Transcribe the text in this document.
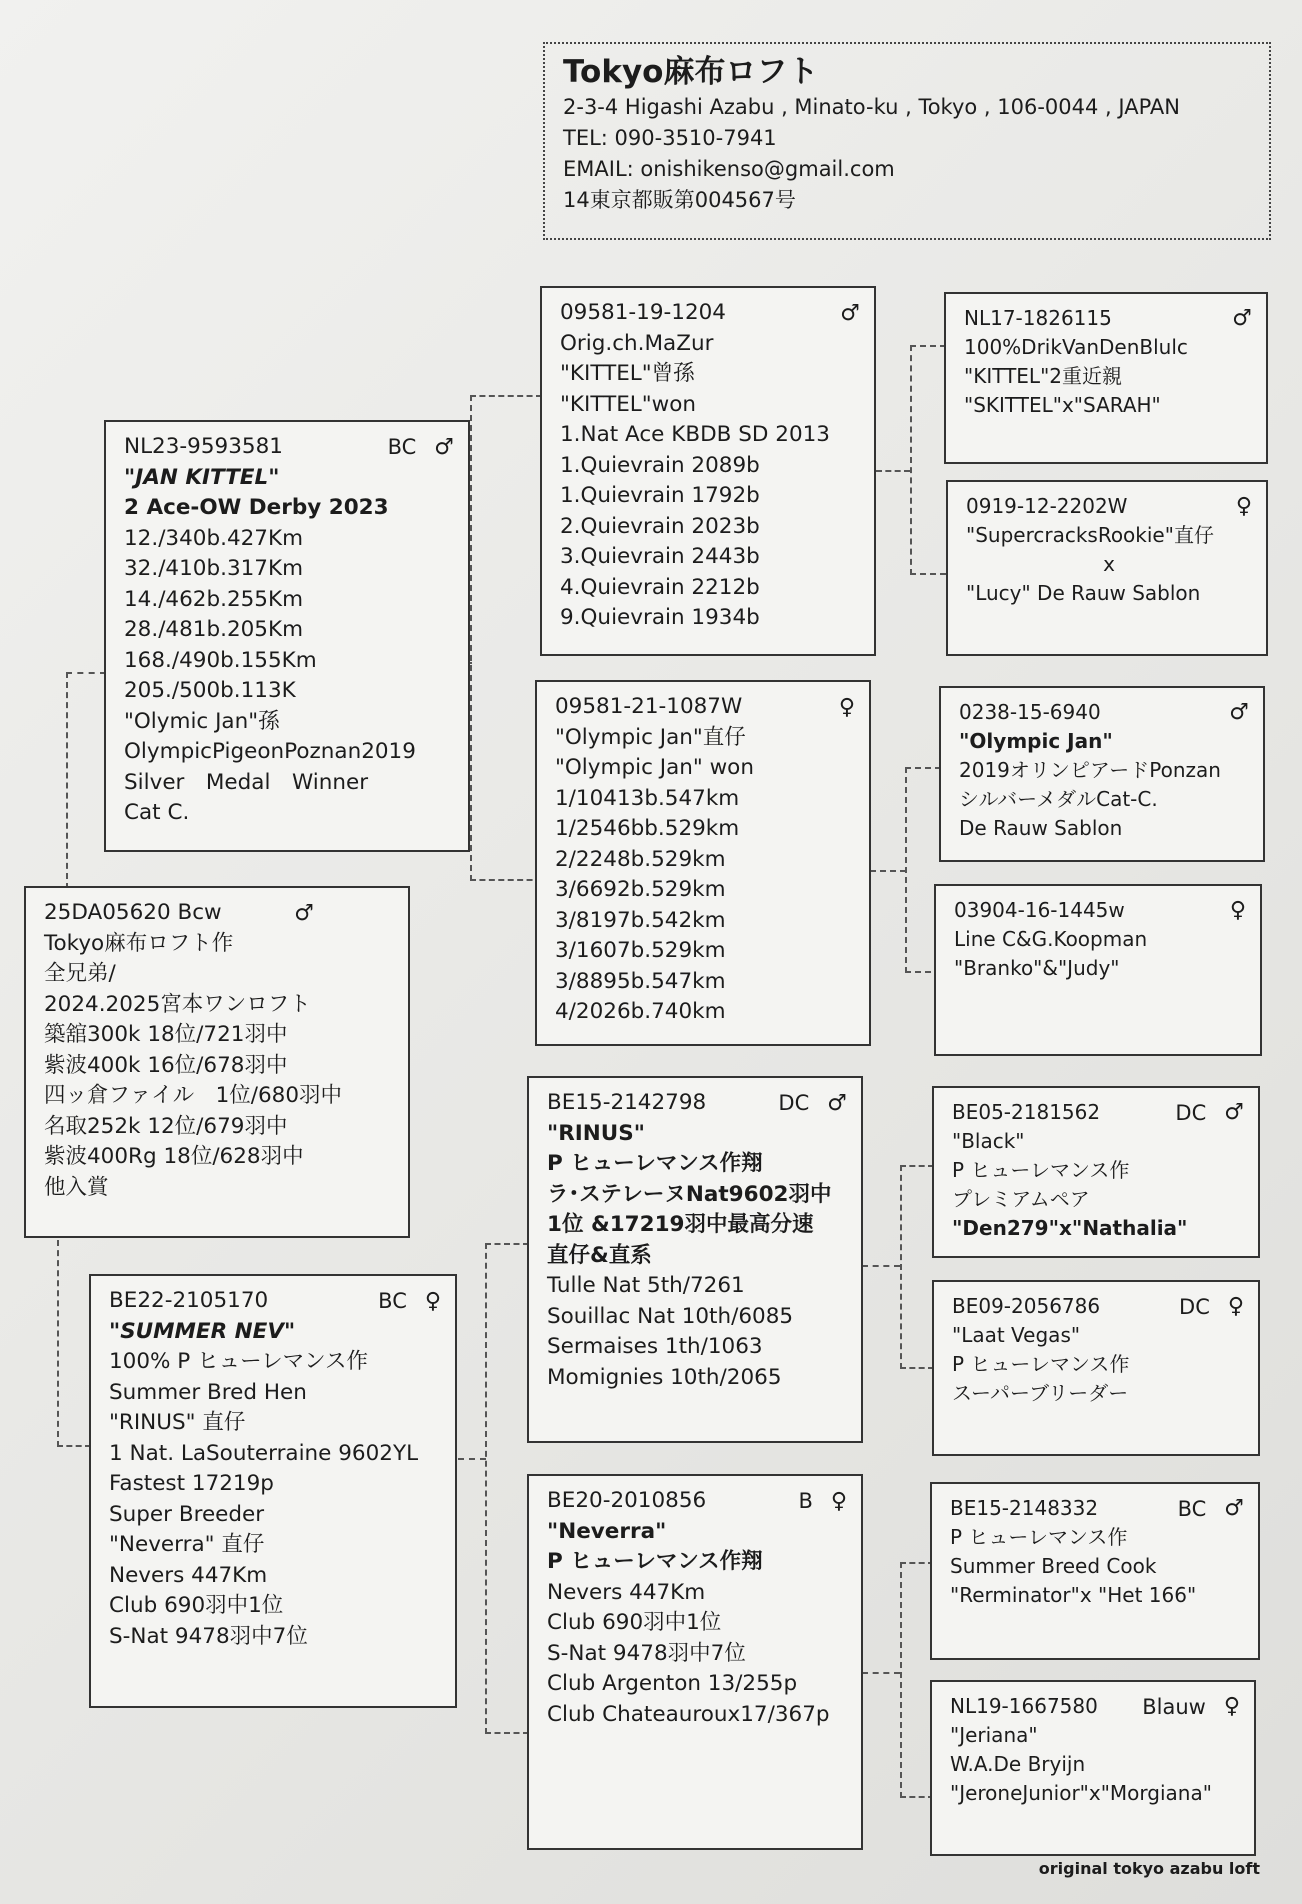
Tokyo麻布ロフト
2-3-4 Higashi Azabu , Minato-ku , Tokyo , 106-0044 , JAPAN
TEL: 090-3510-7941
EMAIL: onishikenso@gmail.com
14東京都販第004567号
25DA05620 Bcw	♂
Tokyo麻布ロフト作
全兄弟/
2024.2025宮本ワンロフト
築舘300k 18位/721羽中
紫波400k 16位/678羽中
四ッ倉ファイル　1位/680羽中
名取252k 12位/679羽中
紫波400Rg 18位/628羽中
他入賞
NL23-9593581	BC ♂
"JAN KITTEL"
2 Ace-OW Derby 2023
12./340b.427Km
32./410b.317Km
14./462b.255Km
28./481b.205Km
168./490b.155Km
205./500b.113K
"Olymic Jan"孫
OlympicPigeonPoznan2019
Silver　Medal　Winner
Cat C.
BE22-2105170	BC ♀
"SUMMER NEV"
100% P ヒューレマンス作
Summer Bred Hen
"RINUS" 直仔
1 Nat. LaSouterraine 9602YL
Fastest 17219p
Super Breeder
"Neverra" 直仔
Nevers 447Km
Club 690羽中1位
S-Nat 9478羽中7位
09581-19-1204	♂
Orig.ch.MaZur
"KITTEL"曾孫
"KITTEL"won
1.Nat Ace KBDB SD 2013
1.Quievrain 2089b
1.Quievrain 1792b
2.Quievrain 2023b
3.Quievrain 2443b
4.Quievrain 2212b
9.Quievrain 1934b
09581-21-1087W	♀
"Olympic Jan"直仔
"Olympic Jan" won
1/10413b.547km
1/2546bb.529km
2/2248b.529km
3/6692b.529km
3/8197b.542km
3/1607b.529km
3/8895b.547km
4/2026b.740km
BE15-2142798	DC ♂
"RINUS"
P ヒューレマンス作翔
ラ･ステレーヌNat9602羽中
1位 &17219羽中最高分速
直仔&直系
Tulle Nat 5th/7261
Souillac Nat 10th/6085
Sermaises 1th/1063
Momignies 10th/2065
BE20-2010856	B ♀
"Neverra"
P ヒューレマンス作翔
Nevers 447Km
Club 690羽中1位
S-Nat 9478羽中7位
Club Argenton 13/255p
Club Chateauroux17/367p
NL17-1826115	♂
100%DrikVanDenBlulc
"KITTEL"2重近親
"SKITTEL"x"SARAH"
0919-12-2202W	♀
"SupercracksRookie"直仔
x
"Lucy" De Rauw Sablon
0238-15-6940	♂
"Olympic Jan"
2019オリンピアードPonzan
シルバーメダルCat-C.
De Rauw Sablon
03904-16-1445w	♀
Line C&G.Koopman
"Branko"&"Judy"
BE05-2181562	DC ♂
"Black"
P ヒューレマンス作
プレミアムペア
"Den279"x"Nathalia"
BE09-2056786	DC ♀
"Laat Vegas"
P ヒューレマンス作
スーパーブリーダー
BE15-2148332	BC ♂
P ヒューレマンス作
Summer Breed Cook
"Rerminator"x "Het 166"
NL19-1667580 Blauw ♀
"Jeriana"
W.A.De Bryijn
"JeroneJunior"x"Morgiana"
original tokyo azabu loft
